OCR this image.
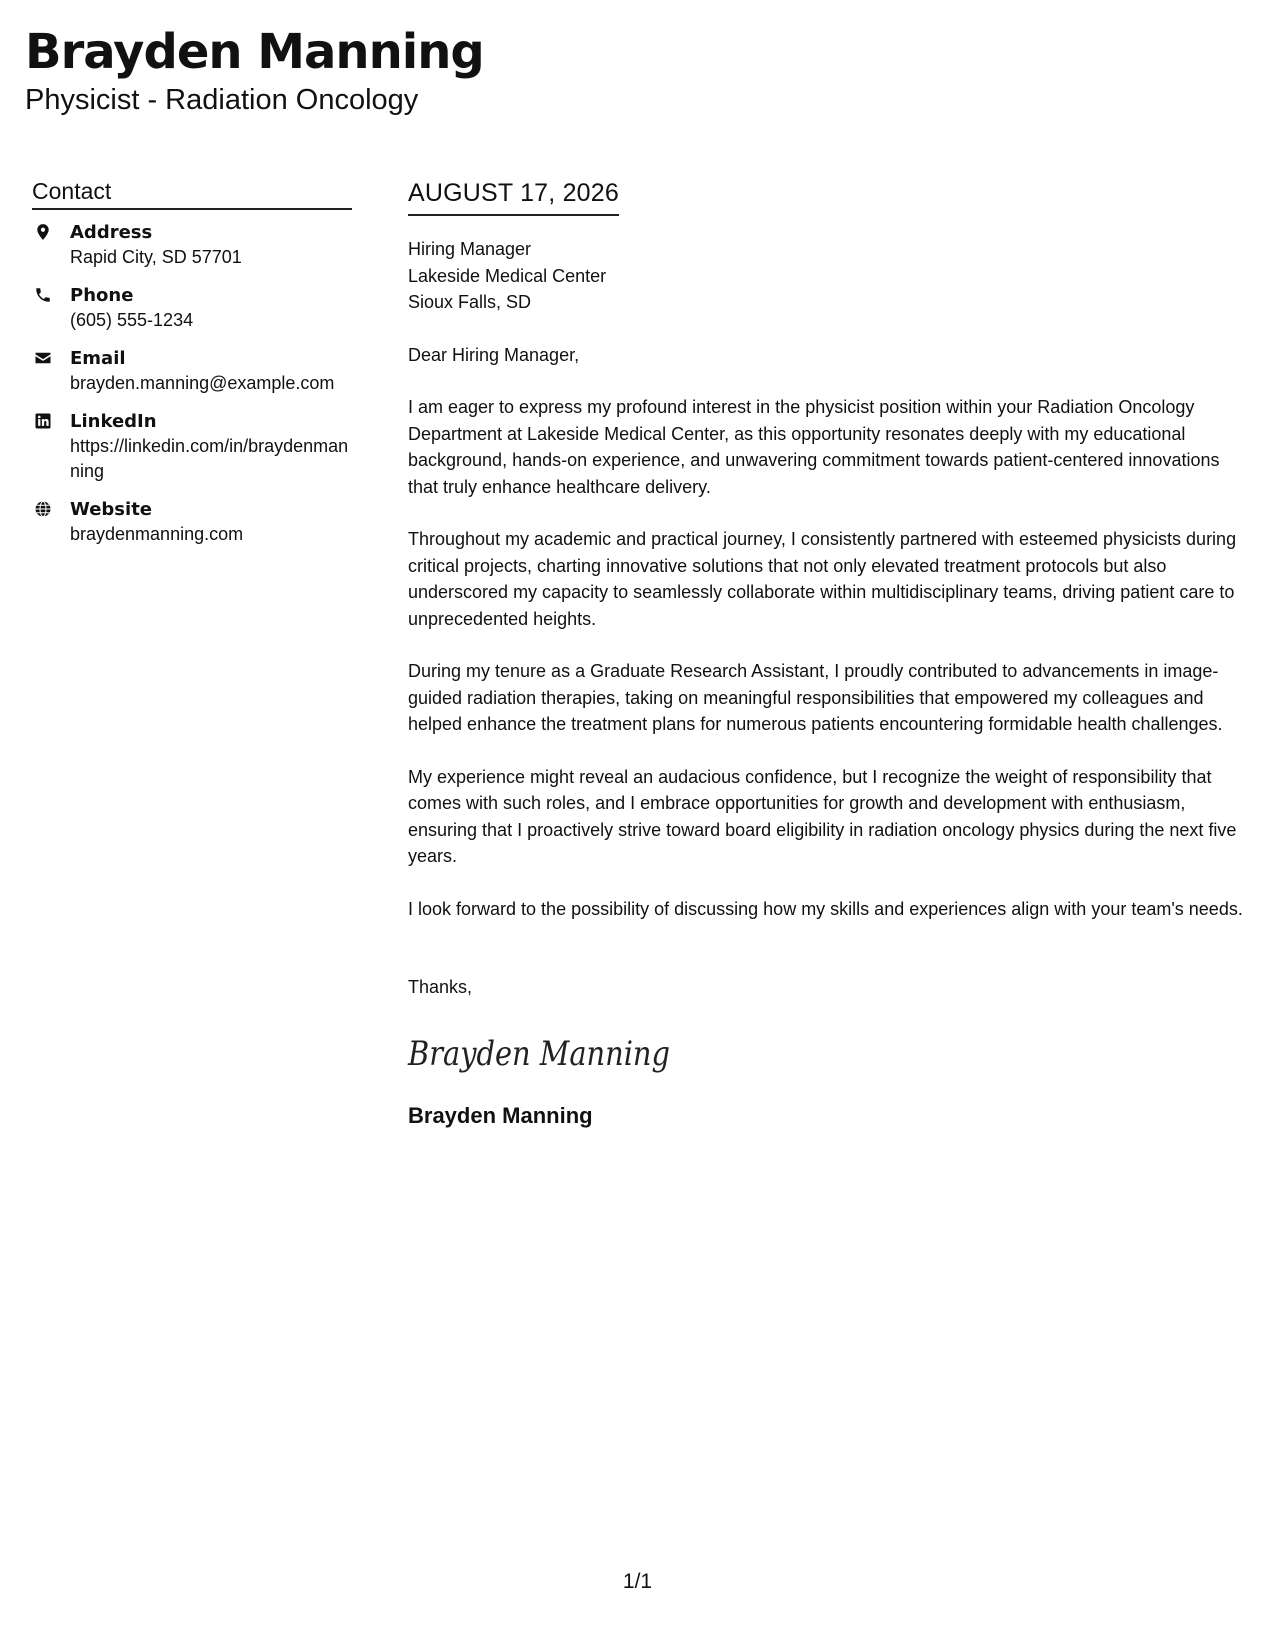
Brayden Manning
Physicist - Radiation Oncology
Contact
Address
Rapid City, SD 57701
Phone
(605) 555-1234
Email
brayden.manning@example.com
LinkedIn
https://linkedin.com/in/braydenmanning
Website
braydenmanning.com
AUGUST 17, 2026
Hiring Manager
Lakeside Medical Center
Sioux Falls, SD
Dear Hiring Manager,

I am eager to express my profound interest in the physicist position within your Radiation Oncology Department at Lakeside Medical Center, as this opportunity resonates deeply with my educational background, hands-on experience, and unwavering commitment towards patient-centered innovations that truly enhance healthcare delivery.

Throughout my academic and practical journey, I consistently partnered with esteemed physicists during critical projects, charting innovative solutions that not only elevated treatment protocols but also underscored my capacity to seamlessly collaborate within multidisciplinary teams, driving patient care to unprecedented heights.

During my tenure as a Graduate Research Assistant, I proudly contributed to advancements in image-guided radiation therapies, taking on meaningful responsibilities that empowered my colleagues and helped enhance the treatment plans for numerous patients encountering formidable health challenges.

My experience might reveal an audacious confidence, but I recognize the weight of responsibility that comes with such roles, and I embrace opportunities for growth and development with enthusiasm, ensuring that I proactively strive toward board eligibility in radiation oncology physics during the next five years.

I look forward to the possibility of discussing how my skills and experiences align with your team's needs.

Thanks,
Brayden Manning
Brayden Manning
1/1
